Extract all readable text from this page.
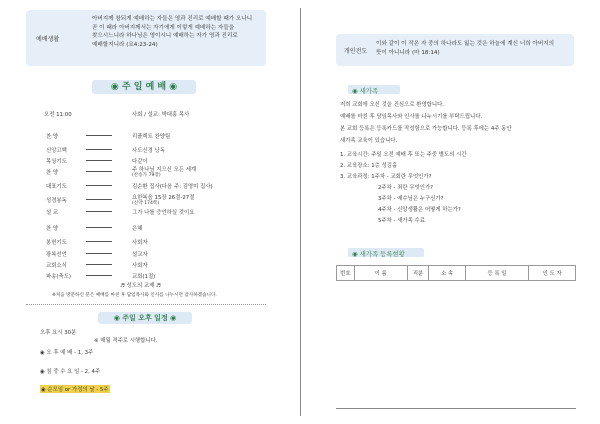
예배생활
아버지께 참되게 예배하는 자들은 영과 진리로 예배할 때가 오나니
곧 이 때라 아버지께서는 자기에게 이렇게 예배하는 자들을
찾으시느니라 하나님은 영이시니 예배하는 자가 영과 진리로
예배할지니라 (요4:23-24)
◉ 주 일 예 배 ◉
오전 11:00	사회 / 설교: 박대흥 목사
찬 양	리플렉트 찬양팀
신앙고백	사도신경 낭독
목상기도	다같이
찬 양	주 하나님 지으신 모든 세계
(찬송가 79장)
대표기도	김순환 집사(다음 주: 김영미 집사)
성경봉독	요한복음 15장 26절-27절
(신약 174쪽)
설 교	그가 나를 증언하실 것이요
찬 양	은혜
봉헌기도	사회자
광복선언	설교자
교회소식	사회자
파송(축도)	교회(1절)
♬ 성도의 교제 ♬
※처음 방문하신 분은 예배를 마친 후 담임목사와 인사를 나누시면 감사하겠습니다.
◉ 주일 오후 일정 ◉
오후 요시 30분
※ 매월 격주로 시행합니다.
◉ 오 후 예 배 - 1, 3주
◉ 침 중 수 요 임 - 2, 4주
◉ 순모임 or 가정의 날 - 5주
개인전도
이와 같이 이 작은 자 중의 하나라도 잃는 것은 하늘에 계신 너희 아버지의
뜻이 아니니라 (마 18:14)
◉ 새가족
저희 교회에 오신 것을 진심으로 환영합니다.
예배를 마친 후 담임목사와 인사를 나누시기를 부탁드립니다.
본 교회 등록은 등록카드를 작성함으로 가능합니다. 등록 후에는 4주 동안
새가족 교육이 있습니다.
1. 교육시간: 주일 오전 예배 후 또는 주중 별도의 시간
2. 교육장소: 1층 성김홀
3. 교육과정: 1주차 - 교회란 무엇인가?
2주차 - 죄란 무엇인가?
3주차 - 예수님은 누구신가?
4주차 - 신앙생활은 어떻게 하는가?
5주차 - 새가족 수료
◉ 새가족 등록현황
번호	이 름	직분	소 속	등 록 일	인 도 자
